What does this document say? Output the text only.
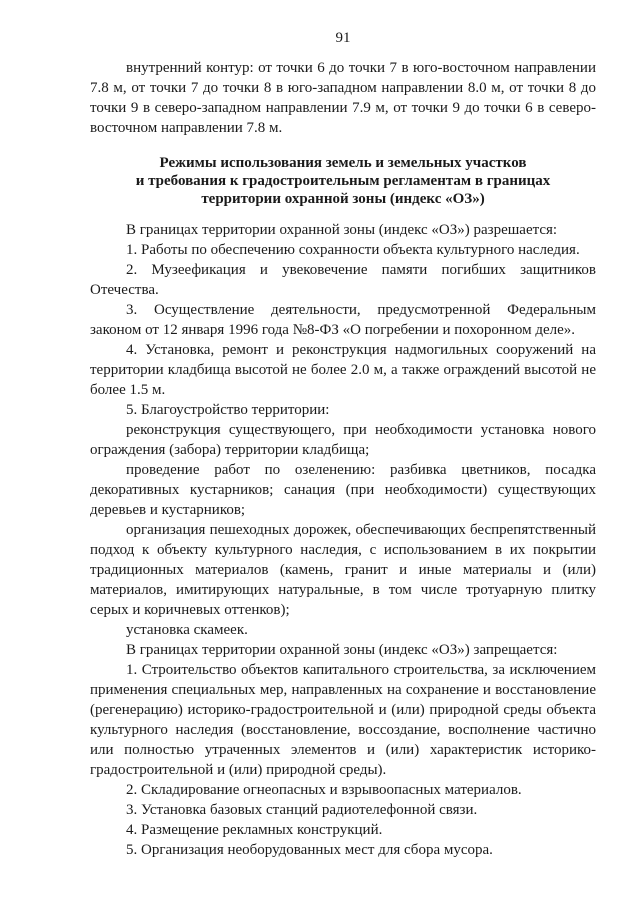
91

внутренний контур: от точки 6 до точки 7 в юго-восточном направлении 7.8 м, от точки 7 до точки 8 в юго-западном направлении 8.0 м, от точки 8 до точки 9 в северо-западном направлении 7.9 м, от точки 9 до точки 6 в северо-восточном направлении 7.8 м.

Режимы использования земель и земельных участков
и требования к градостроительным регламентам в границах
территории охранной зоны (индекс «ОЗ»)

В границах территории охранной зоны (индекс «ОЗ») разрешается:

1. Работы по обеспечению сохранности объекта культурного наследия.

2. Музеефикация и увековечение памяти погибших защитников Отечества.

3. Осуществление деятельности, предусмотренной Федеральным законом от 12 января 1996 года №8-ФЗ «О погребении и похоронном деле».

4. Установка, ремонт и реконструкция надмогильных сооружений на территории кладбища высотой не более 2.0 м, а также ограждений высотой не более 1.5 м.

5. Благоустройство территории:

реконструкция существующего, при необходимости установка нового ограждения (забора) территории кладбища;

проведение работ по озеленению: разбивка цветников, посадка декоративных кустарников; санация (при необходимости) существующих деревьев и кустарников;

организация пешеходных дорожек, обеспечивающих беспрепятственный подход к объекту культурного наследия, с использованием в их покрытии традиционных материалов (камень, гранит и иные материалы и (или) материалов, имитирующих натуральные, в том числе тротуарную плитку серых и коричневых оттенков);

установка скамеек.

В границах территории охранной зоны (индекс «ОЗ») запрещается:

1. Строительство объектов капитального строительства, за исключением применения специальных мер, направленных на сохранение и восстановление (регенерацию) историко-градостроительной и (или) природной среды объекта культурного наследия (восстановление, воссоздание, восполнение частично или полностью утраченных элементов и (или) характеристик историко-градостроительной и (или) природной среды).

2. Складирование огнеопасных и взрывоопасных материалов.

3. Установка базовых станций радиотелефонной связи.

4. Размещение рекламных конструкций.

5. Организация необорудованных мест для сбора мусора.
